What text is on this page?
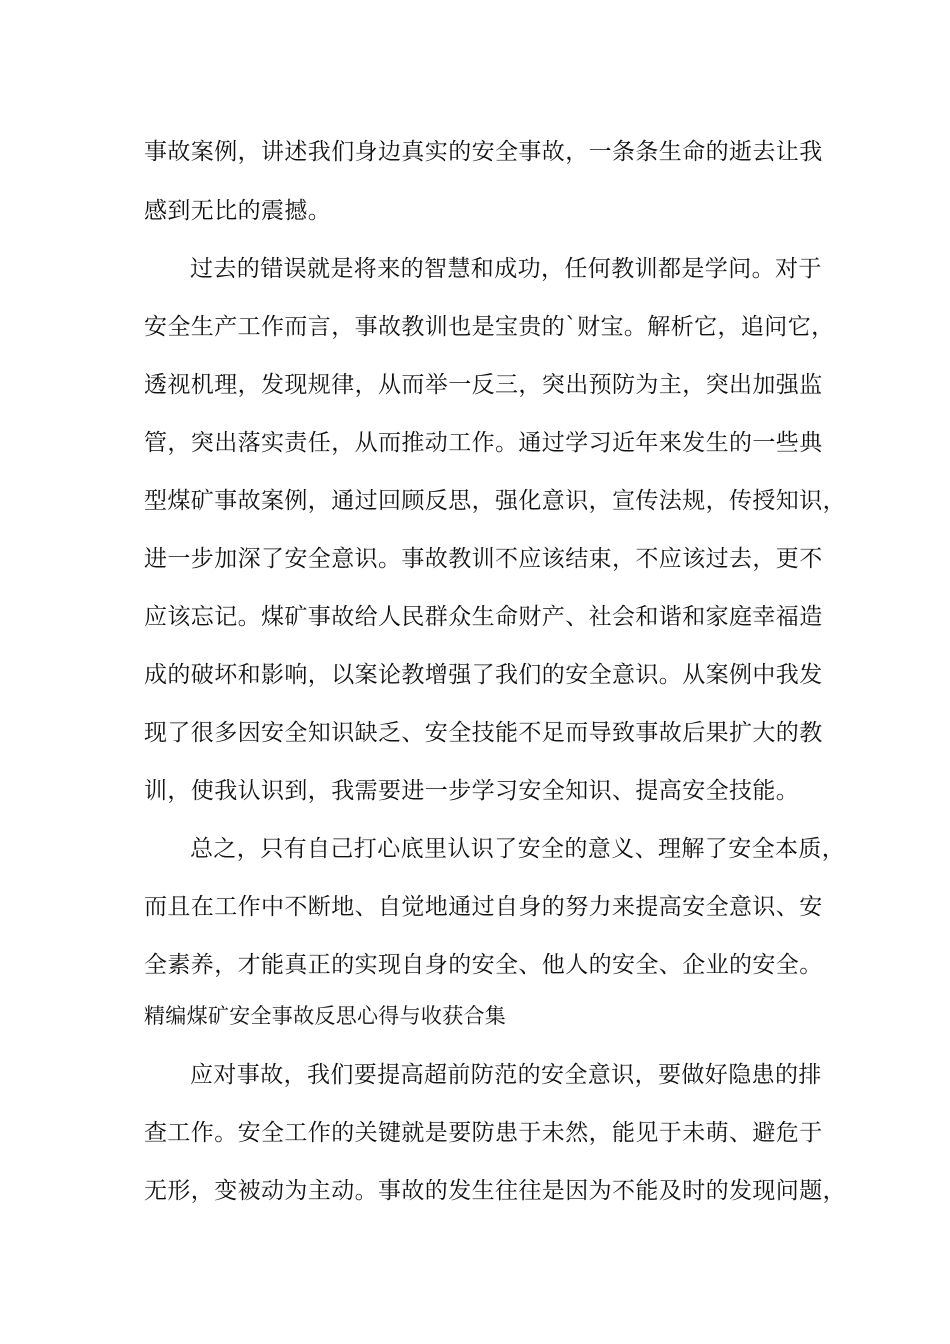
事故案例，讲述我们身边真实的安全事故，一条条生命的逝去让我
感到无比的震撼。
过去的错误就是将来的智慧和成功，任何教训都是学问。对于
安全生产工作而言，事故教训也是宝贵的`财宝。解析它，追问它，
透视机理，发现规律，从而举一反三，突出预防为主，突出加强监
管，突出落实责任，从而推动工作。通过学习近年来发生的一些典
型煤矿事故案例，通过回顾反思，强化意识，宣传法规，传授知识，
进一步加深了安全意识。事故教训不应该结束，不应该过去，更不
应该忘记。煤矿事故给人民群众生命财产、社会和谐和家庭幸福造
成的破坏和影响，以案论教增强了我们的安全意识。从案例中我发
现了很多因安全知识缺乏、安全技能不足而导致事故后果扩大的教
训，使我认识到，我需要进一步学习安全知识、提高安全技能。
总之，只有自己打心底里认识了安全的意义、理解了安全本质，
而且在工作中不断地、自觉地通过自身的努力来提高安全意识、安
全素养，才能真正的实现自身的安全、他人的安全、企业的安全。
精编煤矿安全事故反思心得与收获合集
应对事故，我们要提高超前防范的安全意识，要做好隐患的排
查工作。安全工作的关键就是要防患于未然，能见于未萌、避危于
无形，变被动为主动。事故的发生往往是因为不能及时的发现问题，
